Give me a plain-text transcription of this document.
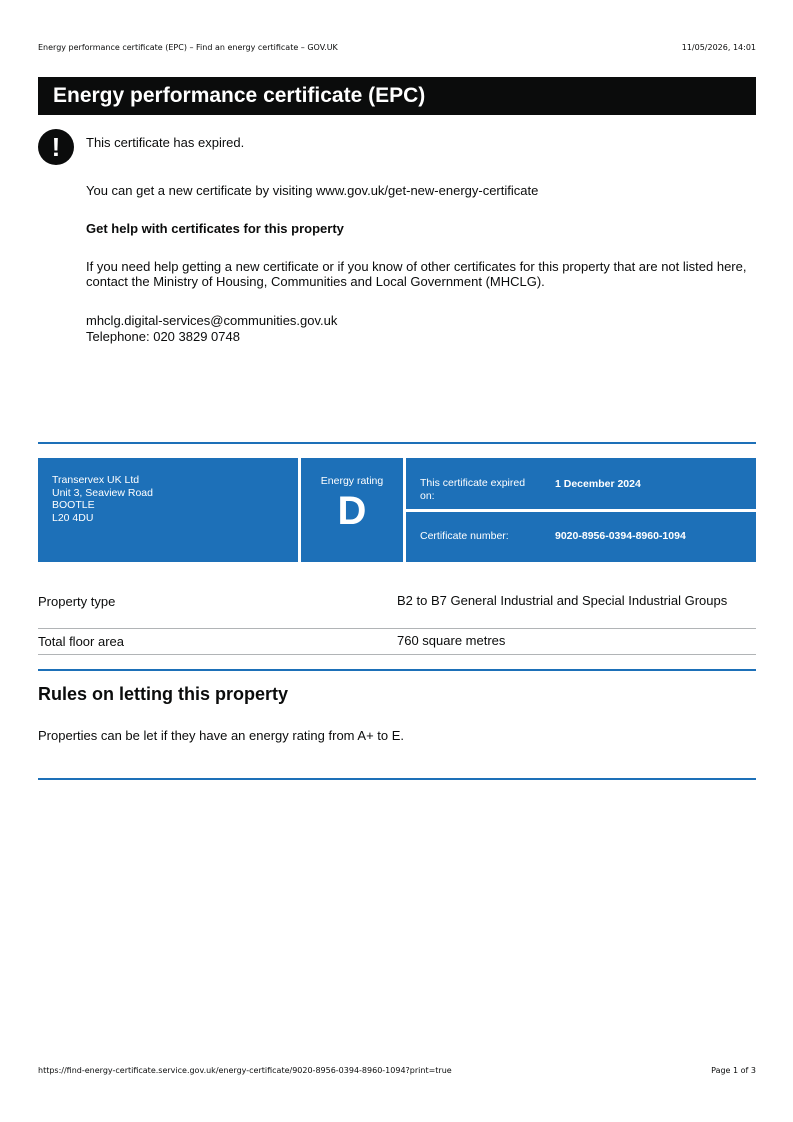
Energy performance certificate (EPC) – Find an energy certificate – GOV.UK	11/05/2026, 14:01
Energy performance certificate (EPC)
!	This certificate has expired.
You can get a new certificate by visiting www.gov.uk/get-new-energy-certificate
Get help with certificates for this property
If you need help getting a new certificate or if you know of other certificates for this property that are not listed here, contact the Ministry of Housing, Communities and Local Government (MHCLG).
mhclg.digital-services@communities.gov.uk
Telephone: 020 3829 0748
Transervex UK Ltd
Unit 3, Seaview Road
BOOTLE
L20 4DU
Energy rating
D
This certificate expired on:
1 December 2024
Certificate number:	9020-8956-0394-8960-1094
Property type	B2 to B7 General Industrial and Special Industrial Groups
Total floor area	760 square metres
Rules on letting this property
Properties can be let if they have an energy rating from A+ to E.
https://find-energy-certificate.service.gov.uk/energy-certificate/9020-8956-0394-8960-1094?print=true	Page 1 of 3
